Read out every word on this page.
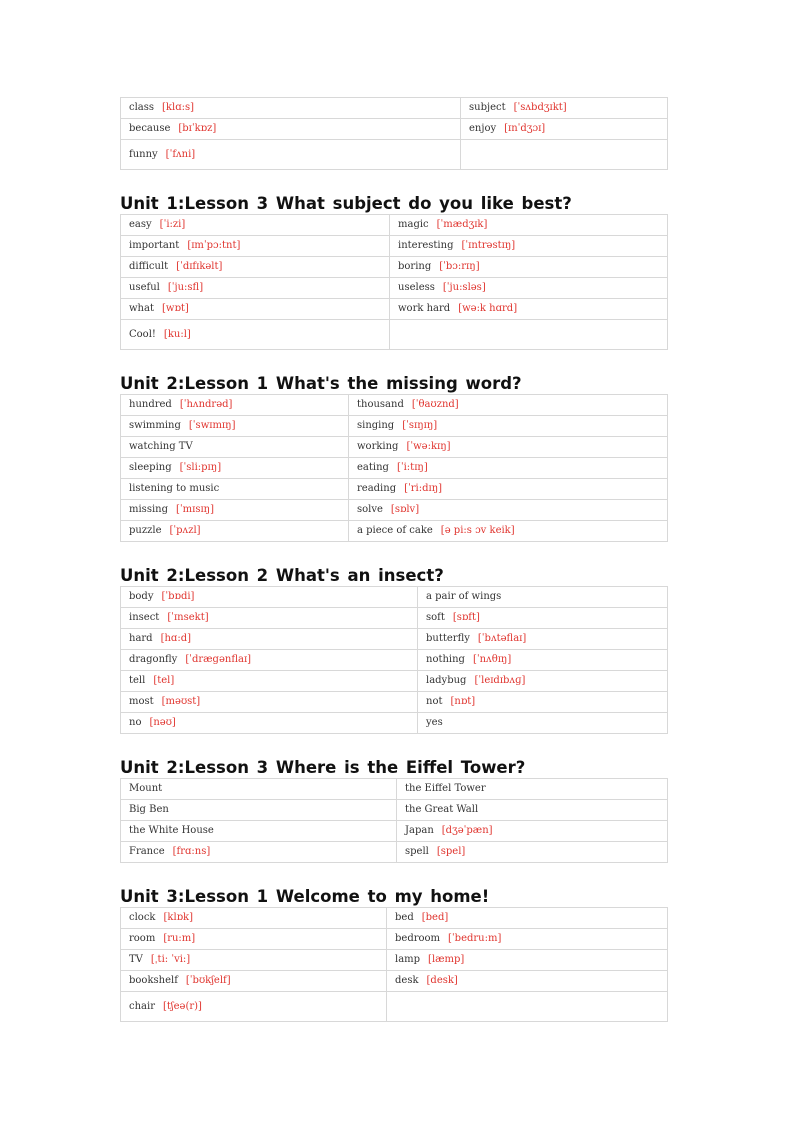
class [klɑ:s]	subject [ˈsʌbdʒɪkt]
because [bɪˈkɒz]	enjoy [ɪnˈdʒɔɪ]
funny [ˈfʌni]	
Unit 1:Lesson 3 What subject do you like best?
easy [ˈi:zi]	magic [ˈmædʒɪk]
important [ɪmˈpɔ:tnt]	interesting [ˈɪntrəstɪŋ]
difficult [ˈdɪfɪkəlt]	boring [ˈbɔ:rɪŋ]
useful [ˈju:sfl]	useless [ˈju:sləs]
what [wɒt]	work hard [wə:k hɑrd]
Cool! [ku:l]	
Unit 2:Lesson 1 What's the missing word?
hundred [ˈhʌndrəd]	thousand [ˈθaʊznd]
swimming [ˈswɪmɪŋ]	singing [ˈsɪŋɪŋ]
watching TV	working [ˈwə:kɪŋ]
sleeping [ˈsli:pɪŋ]	eating [ˈi:tɪŋ]
listening to music	reading [ˈri:dɪŋ]
missing [ˈmɪsɪŋ]	solve [sɒlv]
puzzle [ˈpʌzl]	a piece of cake [ə pi:s ɔv keik]
Unit 2:Lesson 2 What's an insect?
body [ˈbɒdi]	a pair of wings
insect [ˈɪnsekt]	soft [sɒft]
hard [hɑ:d]	butterfly [ˈbʌtəflaɪ]
dragonfly [ˈdrægənflaɪ]	nothing [ˈnʌθɪŋ]
tell [tel]	ladybug [ˈleɪdɪbʌɡ]
most [məʊst]	not [nɒt]
no [nəʊ]	yes
Unit 2:Lesson 3 Where is the Eiffel Tower?
Mount	the Eiffel Tower
Big Ben	the Great Wall
the White House	Japan [dʒəˈpæn]
France [frɑ:ns]	spell [spel]
Unit 3:Lesson 1 Welcome to my home!
clock [klɒk]	bed [bed]
room [ru:m]	bedroom [ˈbedru:m]
TV [ˌti: ˈvi:]	lamp [læmp]
bookshelf [ˈbʊkʃelf]	desk [desk]
chair [tʃeə(r)]	
